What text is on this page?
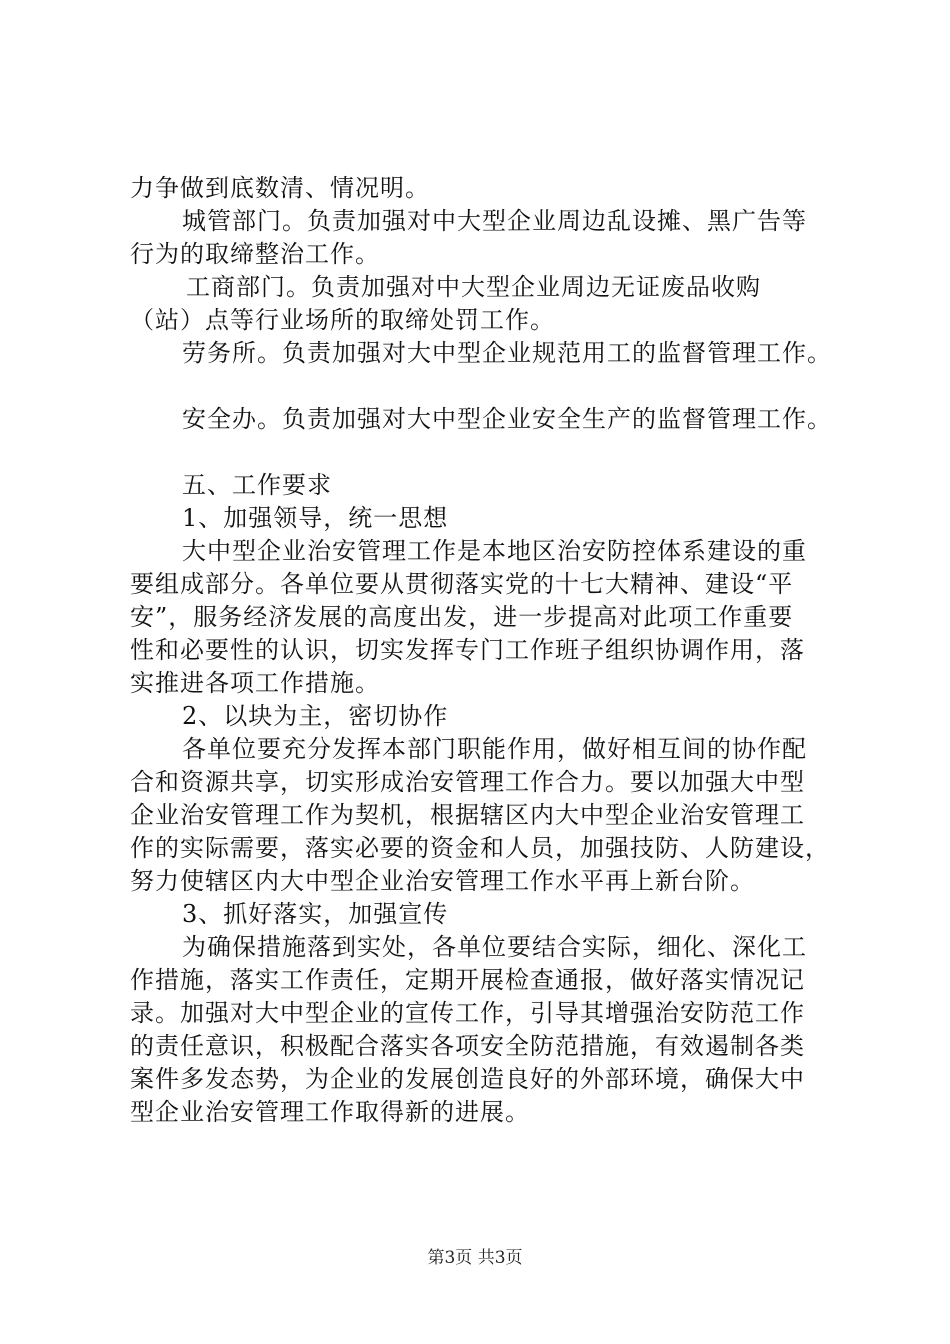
力争做到底数清、情况明。
城管部门。负责加强对中大型企业周边乱设摊、黑广告等
行为的取缔整治工作。
工商部门。负责加强对中大型企业周边无证废品收购
（站）点等行业场所的取缔处罚工作。
劳务所。负责加强对大中型企业规范用工的监督管理工作。
安全办。负责加强对大中型企业安全生产的监督管理工作。
五、工作要求
1、加强领导，统一思想
大中型企业治安管理工作是本地区治安防控体系建设的重
要组成部分。各单位要从贯彻落实党的十七大精神、建设“平
安”，服务经济发展的高度出发，进一步提高对此项工作重要
性和必要性的认识，切实发挥专门工作班子组织协调作用，落
实推进各项工作措施。
2、以块为主，密切协作
各单位要充分发挥本部门职能作用，做好相互间的协作配
合和资源共享，切实形成治安管理工作合力。要以加强大中型
企业治安管理工作为契机，根据辖区内大中型企业治安管理工
作的实际需要，落实必要的资金和人员，加强技防、人防建设，
努力使辖区内大中型企业治安管理工作水平再上新台阶。
3、抓好落实，加强宣传
为确保措施落到实处，各单位要结合实际，细化、深化工
作措施，落实工作责任，定期开展检查通报，做好落实情况记
录。加强对大中型企业的宣传工作，引导其增强治安防范工作
的责任意识，积极配合落实各项安全防范措施，有效遏制各类
案件多发态势，为企业的发展创造良好的外部环境，确保大中
型企业治安管理工作取得新的进展。
第3页 共3页
